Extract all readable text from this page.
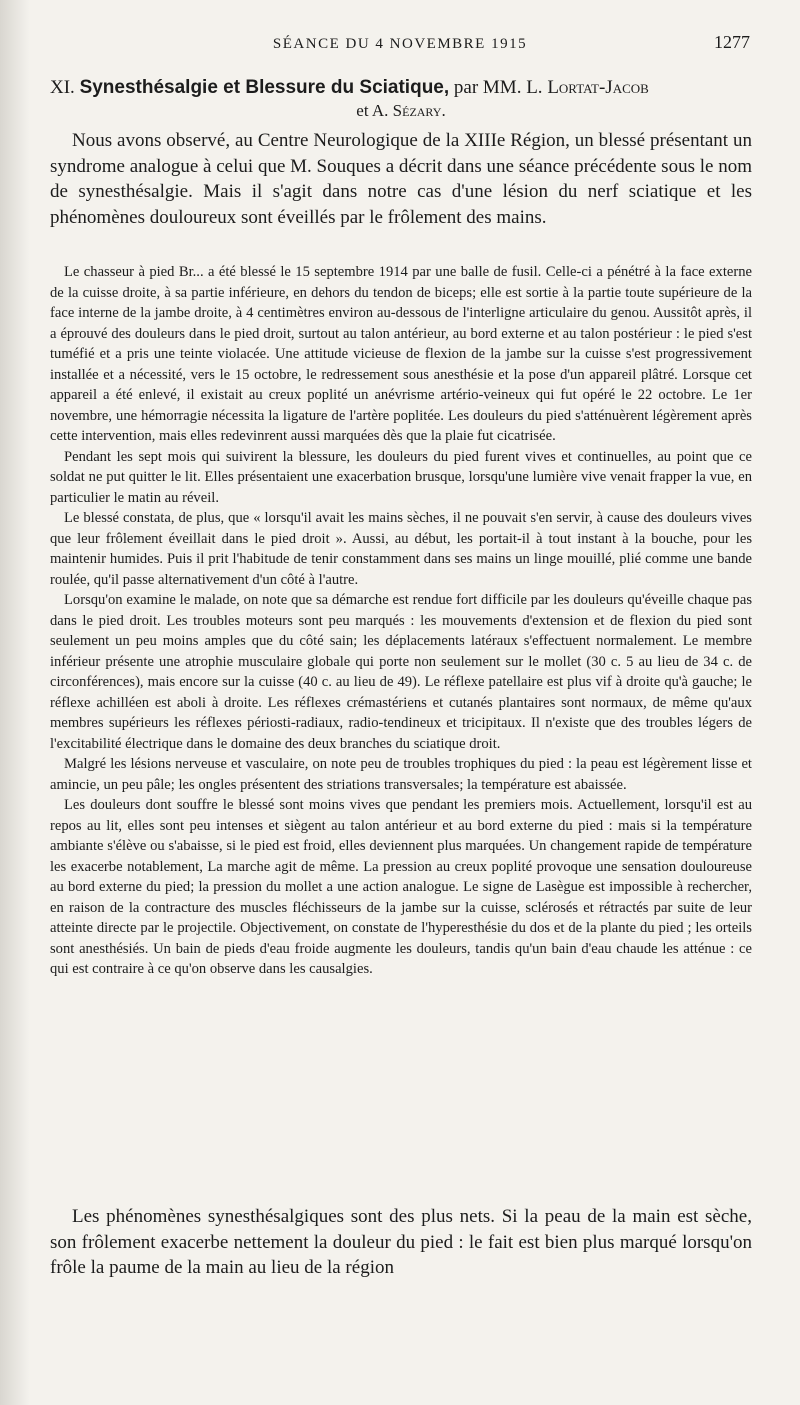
SÉANCE DU 4 NOVEMBRE 1915	1277
XI. Synesthésalgie et Blessure du Sciatique, par MM. L. Lortat-Jacob
et A. Sézary.

Nous avons observé, au Centre Neurologique de la XIIIe Région, un blessé présentant un syndrome analogue à celui que M. Souques a décrit dans une séance précédente sous le nom de synesthésalgie. Mais il s'agit dans notre cas d'une lésion du nerf sciatique et les phénomènes douloureux sont éveillés par le frôlement des mains.

Le chasseur à pied Br... a été blessé le 15 septembre 1914 par une balle de fusil. Celle-ci a pénétré à la face externe de la cuisse droite, à sa partie inférieure, en dehors du tendon de biceps; elle est sortie à la partie toute supérieure de la face interne de la jambe droite, à 4 centimètres environ au-dessous de l'interligne articulaire du genou. Aussitôt après, il a éprouvé des douleurs dans le pied droit, surtout au talon antérieur, au bord externe et au talon postérieur : le pied s'est tuméfié et a pris une teinte violacée. Une attitude vicieuse de flexion de la jambe sur la cuisse s'est progressivement installée et a nécessité, vers le 15 octobre, le redressement sous anesthésie et la pose d'un appareil plâtré. Lorsque cet appareil a été enlevé, il existait au creux poplité un anévrisme artério-veineux qui fut opéré le 22 octobre. Le 1er novembre, une hémorragie nécessita la ligature de l'artère poplitée. Les douleurs du pied s'atténuèrent légèrement après cette intervention, mais elles redevinrent aussi marquées dès que la plaie fut cicatrisée.

Pendant les sept mois qui suivirent la blessure, les douleurs du pied furent vives et continuelles, au point que ce soldat ne put quitter le lit. Elles présentaient une exacerbation brusque, lorsqu'une lumière vive venait frapper la vue, en particulier le matin au réveil.

Le blessé constata, de plus, que « lorsqu'il avait les mains sèches, il ne pouvait s'en servir, à cause des douleurs vives que leur frôlement éveillait dans le pied droit ». Aussi, au début, les portait-il à tout instant à la bouche, pour les maintenir humides. Puis il prit l'habitude de tenir constamment dans ses mains un linge mouillé, plié comme une bande roulée, qu'il passe alternativement d'un côté à l'autre.

Lorsqu'on examine le malade, on note que sa démarche est rendue fort difficile par les douleurs qu'éveille chaque pas dans le pied droit. Les troubles moteurs sont peu marqués : les mouvements d'extension et de flexion du pied sont seulement un peu moins amples que du côté sain; les déplacements latéraux s'effectuent normalement. Le membre inférieur présente une atrophie musculaire globale qui porte non seulement sur le mollet (30 c. 5 au lieu de 34 c. de circonférences), mais encore sur la cuisse (40 c. au lieu de 49). Le réflexe patellaire est plus vif à droite qu'à gauche; le réflexe achilléen est aboli à droite. Les réflexes crémastériens et cutanés plantaires sont normaux, de même qu'aux membres supérieurs les réflexes périosti-radiaux, radio-tendineux et tricipitaux. Il n'existe que des troubles légers de l'excitabilité électrique dans le domaine des deux branches du sciatique droit.

Malgré les lésions nerveuse et vasculaire, on note peu de troubles trophiques du pied : la peau est légèrement lisse et amincie, un peu pâle; les ongles présentent des striations transversales; la température est abaissée.

Les douleurs dont souffre le blessé sont moins vives que pendant les premiers mois. Actuellement, lorsqu'il est au repos au lit, elles sont peu intenses et siègent au talon antérieur et au bord externe du pied : mais si la température ambiante s'élève ou s'abaisse, si le pied est froid, elles deviennent plus marquées. Un changement rapide de température les exacerbe notablement, La marche agit de même. La pression au creux poplité provoque une sensation douloureuse au bord externe du pied; la pression du mollet a une action analogue. Le signe de Lasègue est impossible à rechercher, en raison de la contracture des muscles fléchisseurs de la jambe sur la cuisse, sclérosés et rétractés par suite de leur atteinte directe par le projectile. Objectivement, on constate de l'hyperesthésie du dos et de la plante du pied ; les orteils sont anesthésiés. Un bain de pieds d'eau froide augmente les douleurs, tandis qu'un bain d'eau chaude les atténue : ce qui est contraire à ce qu'on observe dans les causalgies.

Les phénomènes synesthésalgiques sont des plus nets. Si la peau de la main est sèche, son frôlement exacerbe nettement la douleur du pied : le fait est bien plus marqué lorsqu'on frôle la paume de la main au lieu de la région
